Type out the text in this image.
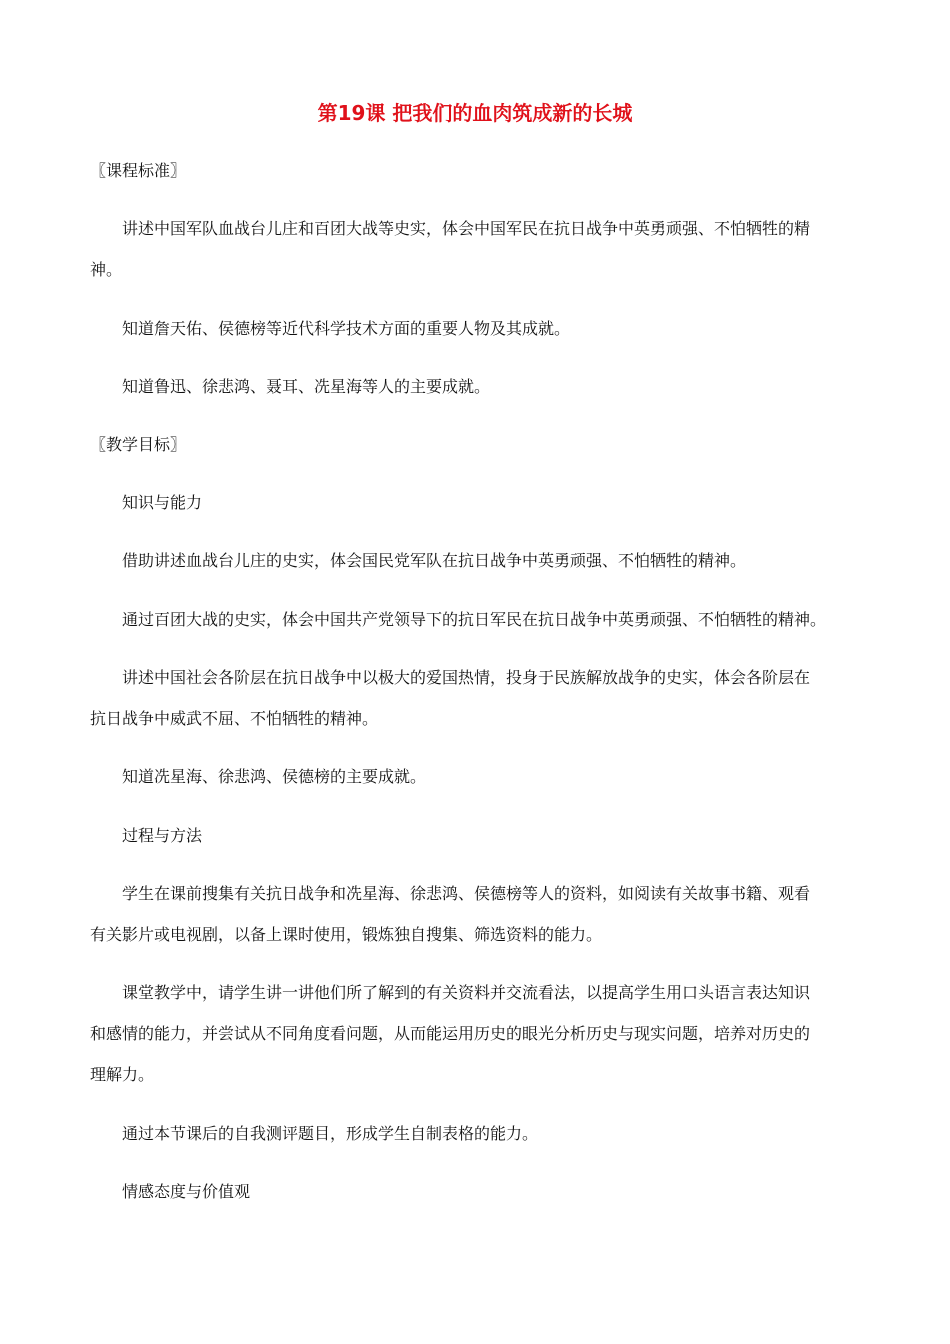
第19课 把我们的血肉筑成新的长城
〖课程标准〗
讲述中国军队血战台儿庄和百团大战等史实，体会中国军民在抗日战争中英勇顽强、不怕牺牲的精
神。
知道詹天佑、侯德榜等近代科学技术方面的重要人物及其成就。
知道鲁迅、徐悲鸿、聂耳、冼星海等人的主要成就。
〖教学目标〗
知识与能力
借助讲述血战台儿庄的史实，体会国民党军队在抗日战争中英勇顽强、不怕牺牲的精神。
通过百团大战的史实，体会中国共产党领导下的抗日军民在抗日战争中英勇顽强、不怕牺牲的精神。
讲述中国社会各阶层在抗日战争中以极大的爱国热情，投身于民族解放战争的史实，体会各阶层在
抗日战争中威武不屈、不怕牺牲的精神。
知道冼星海、徐悲鸿、侯德榜的主要成就。
过程与方法
学生在课前搜集有关抗日战争和冼星海、徐悲鸿、侯德榜等人的资料，如阅读有关故事书籍、观看
有关影片或电视剧，以备上课时使用，锻炼独自搜集、筛选资料的能力。
课堂教学中，请学生讲一讲他们所了解到的有关资料并交流看法，以提高学生用口头语言表达知识
和感情的能力，并尝试从不同角度看问题，从而能运用历史的眼光分析历史与现实问题，培养对历史的
理解力。
通过本节课后的自我测评题目，形成学生自制表格的能力。
情感态度与价值观
